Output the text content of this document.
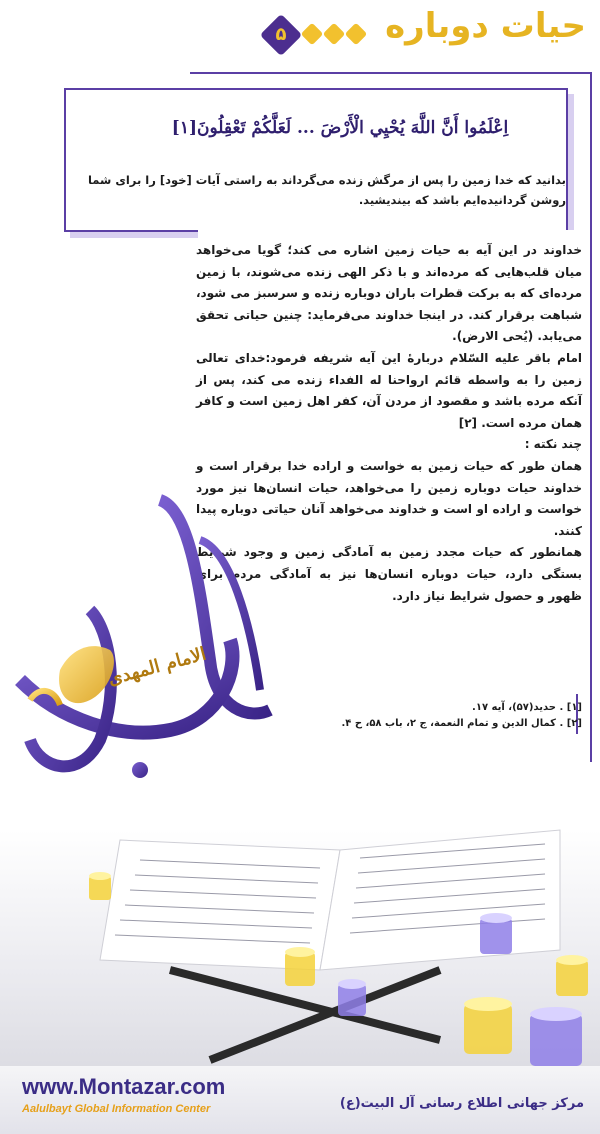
حیات دوباره
۵
اِعْلَمُوا أَنَّ اللَّهَ يُحْيِي الْأَرْضَ ... لَعَلَّكُمْ تَعْقِلُونَ[۱]
بدانید که خدا زمین را پس از مرگش زنده می‌گرداند به راستی آیات [خود] را برای شما روشن گردانیده‌ایم باشد که بیندیشید.

خداوند در این آیه به حیات زمین اشاره می کند؛ گویا می‌خواهد میان قلب‌هایی که مرده‌اند و با ذکر الهی زنده می‌شوند، با زمین مرده‌ای که به برکت قطرات باران دوباره زنده و سرسبز می شود، شباهت برقرار کند. در اینجا خداوند می‌فرماید: چنین حیاتی تحقق می‌یابد. (یُحی الارض).

امام باقر علیه السّلام دربارهٔ این آیه شریفه فرمود:خدای تعالی زمین را به واسطه قائم ارواحنا له الفداء زنده می کند، پس از آنکه مرده باشد و مقصود از مردن آن، کفر اهل زمین است و کافر همان مرده است. [۲]

چند نکته :

همان طور که حیات زمین به خواست و اراده خدا برقرار است و خداوند حیات دوباره زمین را می‌خواهد، حیات انسان‌ها نیز مورد خواست و اراده او است و خداوند می‌خواهد آنان حیاتی دوباره پیدا کنند.

همانطور که حیات مجدد زمین به آمادگی زمین و وجود شرایط بستگی دارد، حیات دوباره انسان‌ها نیز به آمادگی مردم برای ظهور و حصول شرایط نیاز دارد.

[۱] . حدید(۵۷)، آیه ۱۷.
[۲] . کمال الدین و تمام النعمة، ج ۲، باب ۵۸، ح ۴.
الامام المهدی
www.Montazar.com
Aalulbayt Global Information Center	مرکز جهانی اطلاع رسانی آل البیت(ع)
